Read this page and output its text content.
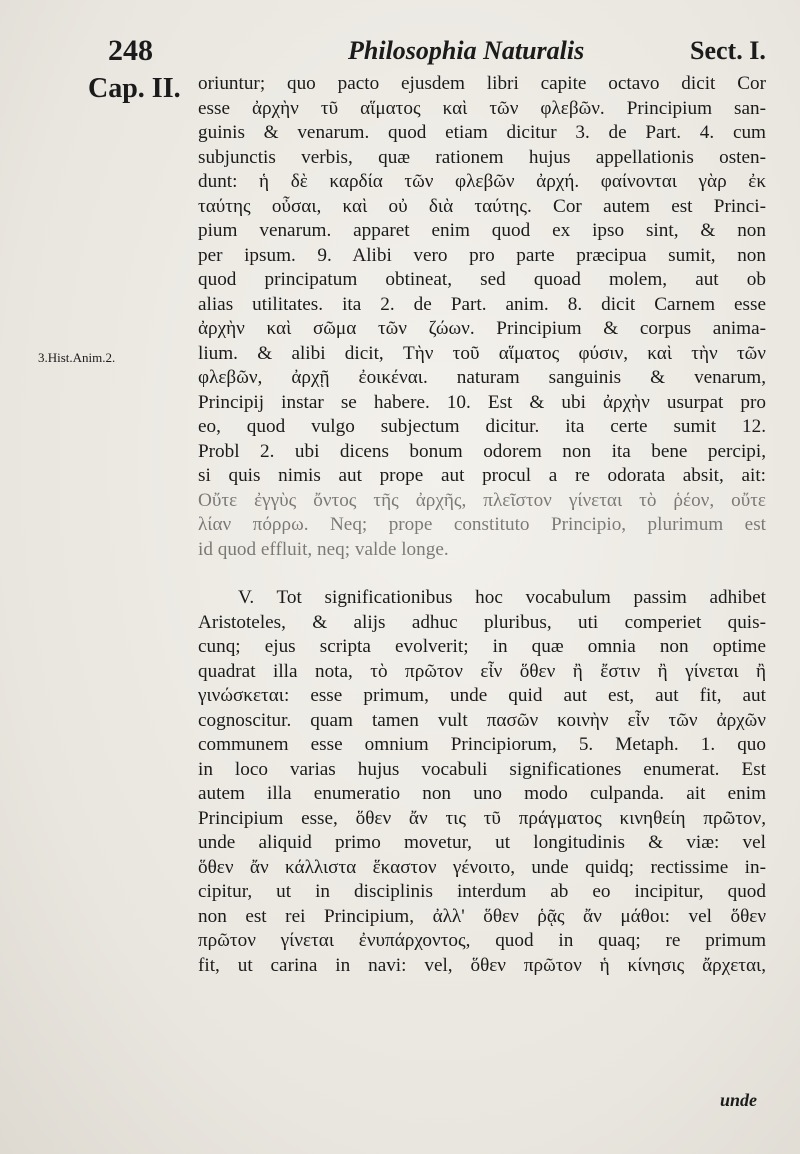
248	Philosophia Naturalis	Sect. I.
Cap. II.
3.Hist.Anim.2.
oriuntur; quo pacto ejusdem libri capite octavo dicit Cor
esse ἀρχὴν τῦ αἵματος καὶ τῶν φλεβῶν. Principium san-
guinis & venarum. quod etiam dicitur 3. de Part. 4. cum
subjunctis verbis, quæ rationem hujus appellationis osten-
dunt: ἡ δὲ καρδία τῶν φλεβῶν ἀρχή. φαίνονται γὰρ ἐκ
ταύτης οὖσαι, καὶ οὐ διὰ ταύτης. Cor autem est Princi-
pium venarum. apparet enim quod ex ipso sint, & non
per ipsum. 9. Alibi vero pro parte præcipua sumit, non
quod principatum obtineat, sed quoad molem, aut ob
alias utilitates. ita 2. de Part. anim. 8. dicit Carnem esse
ἀρχὴν καὶ σῶμα τῶν ζώων. Principium & corpus anima-
lium. & alibi dicit, Τὴν τοῦ αἵματος φύσιν, καὶ τὴν τῶν
φλεβῶν, ἀρχῇ ἐοικέναι. naturam sanguinis & venarum,
Principij instar se habere. 10. Est & ubi ἀρχὴν usurpat pro
eo, quod vulgo subjectum dicitur. ita certe sumit 12.
Probl 2. ubi dicens bonum odorem non ita bene percipi,
si quis nimis aut prope aut procul a re odorata absit, ait:
Οὔτε ἐγγὺς ὄντος τῆς ἀρχῆς, πλεῖστον γίνεται τὸ ῥέον, οὔτε
λίαν πόρρω. Neq; prope constituto Principio, plurimum est
id quod effluit, neq; valde longe.
V. Tot significationibus hoc vocabulum passim adhibet
Aristoteles, & alijs adhuc pluribus, uti comperiet quis-
cunq; ejus scripta evolverit; in quæ omnia non optime
quadrat illa nota, τὸ πρῶτον εἶν ὅθεν ἢ ἔστιν ἢ γίνεται ἢ
γινώσκεται: esse primum, unde quid aut est, aut fit, aut
cognoscitur. quam tamen vult πασῶν κοινὴν εἶν τῶν ἀρχῶν
communem esse omnium Principiorum, 5. Metaph. 1. quo
in loco varias hujus vocabuli significationes enumerat. Est
autem illa enumeratio non uno modo culpanda. ait enim
Principium esse, ὅθεν ἄν τις τῦ πράγματος κινηθείη πρῶτον,
unde aliquid primo movetur, ut longitudinis & viæ: vel
ὅθεν ἄν κάλλιστα ἕκαστον γένοιτο, unde quidq; rectissime in-
cipitur, ut in disciplinis interdum ab eo incipitur, quod
non est rei Principium, ἀλλ' ὅθεν ῥᾷς ἄν μάθοι: vel ὅθεν
πρῶτον γίνεται ἐνυπάρχοντος, quod in quaq; re primum
fit, ut carina in navi: vel, ὅθεν πρῶτον ἡ κίνησις ἄρχεται,
unde
